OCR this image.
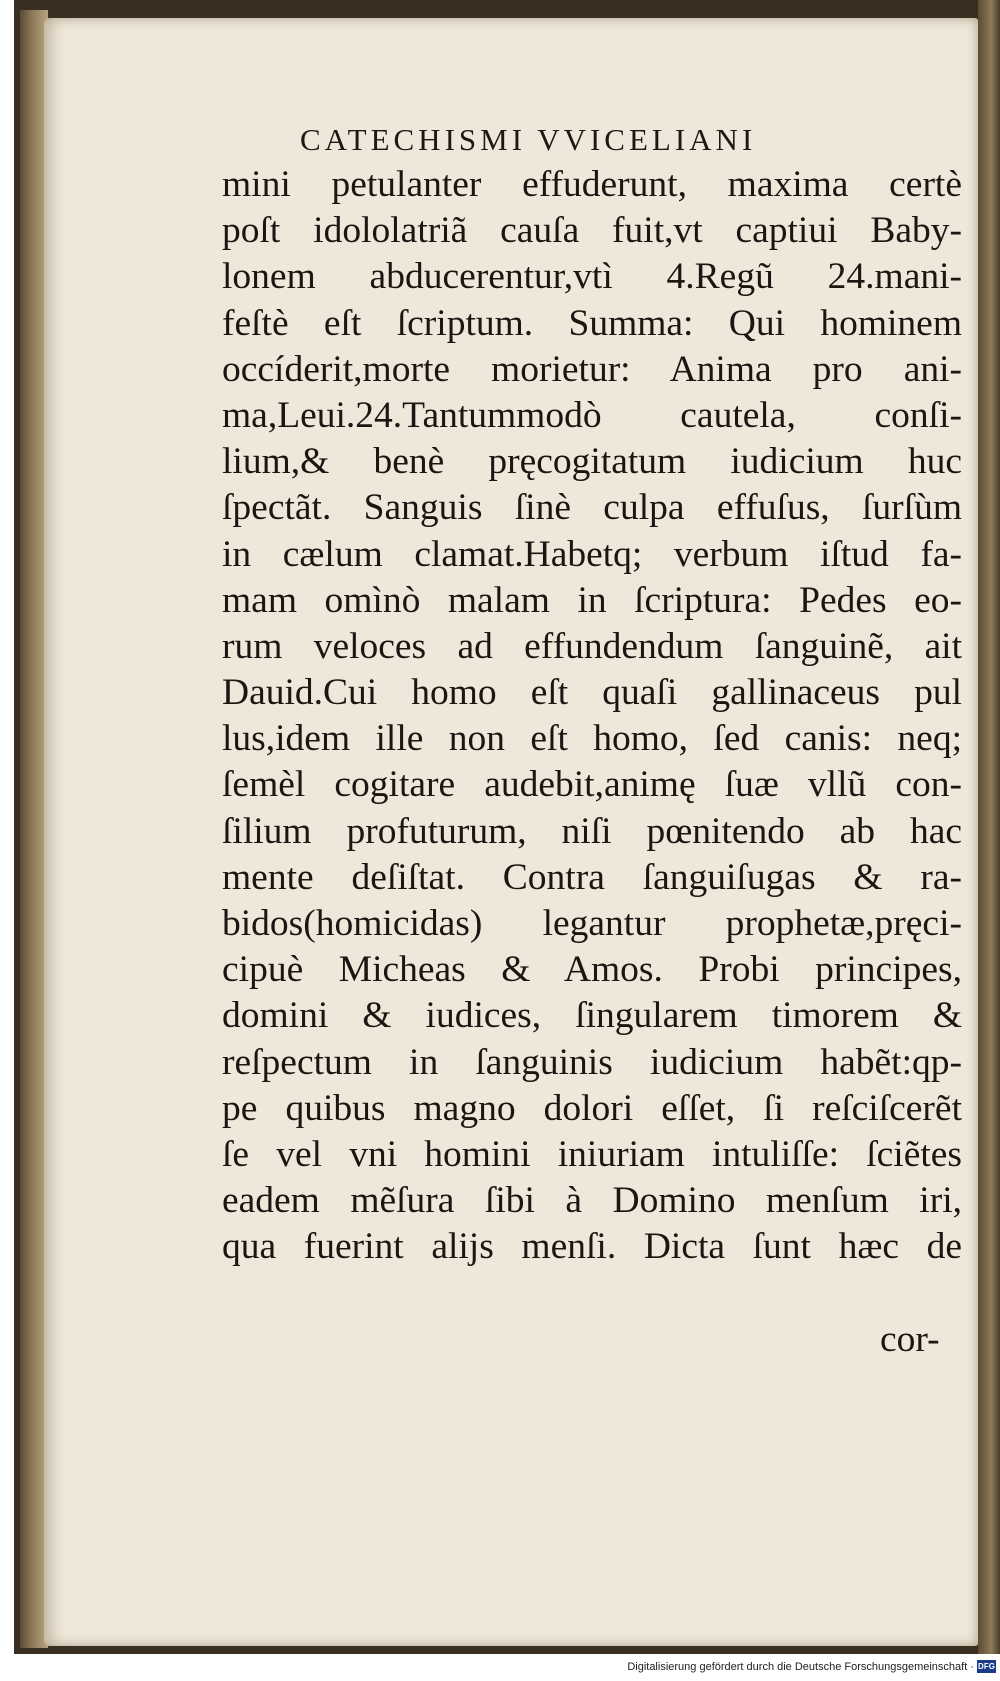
CATECHISMI VVICELIANI
mini petulanter effuderunt, maxima certè
poſt idololatriã cauſa fuit,vt captiui Baby-
lonem abducerentur,vtì 4.Regũ 24.mani-
feſtè eſt ſcriptum. Summa: Qui hominem
occíderit,morte morietur: Anima pro ani-
ma,Leui.24.Tantummodò cautela, conſi-
lium,& benè pręcogitatum iudicium huc
ſpectãt. Sanguis ſinè culpa effuſus, ſurſùm
in cælum clamat.Habetq; verbum iſtud fa-
mam omìnò malam in ſcriptura: Pedes eo-
rum veloces ad effundendum ſanguinẽ, ait
Dauid.Cui homo eſt quaſi gallinaceus pul
lus,idem ille non eſt homo, ſed canis: neq;
ſemèl cogitare audebit,animę ſuæ vllũ con-
ſilium profuturum, niſi pœnitendo ab hac
mente deſiſtat. Contra ſanguiſugas & ra-
bidos(homicidas) legantur prophetæ,pręci-
cipuè Micheas & Amos. Probi principes,
domini & iudices, ſingularem timorem &
reſpectum in ſanguinis iudicium habẽt:qp-
pe quibus magno dolori eſſet, ſi reſciſcerẽt
ſe vel vni homini iniuriam intuliſſe: ſciẽtes
eadem mẽſura ſibi à Domino menſum iri,
qua fuerint alijs menſi. Dicta ſunt hæc de
cor-
Digitalisierung gefördert durch die Deutsche Forschungsgemeinschaft · DFG
